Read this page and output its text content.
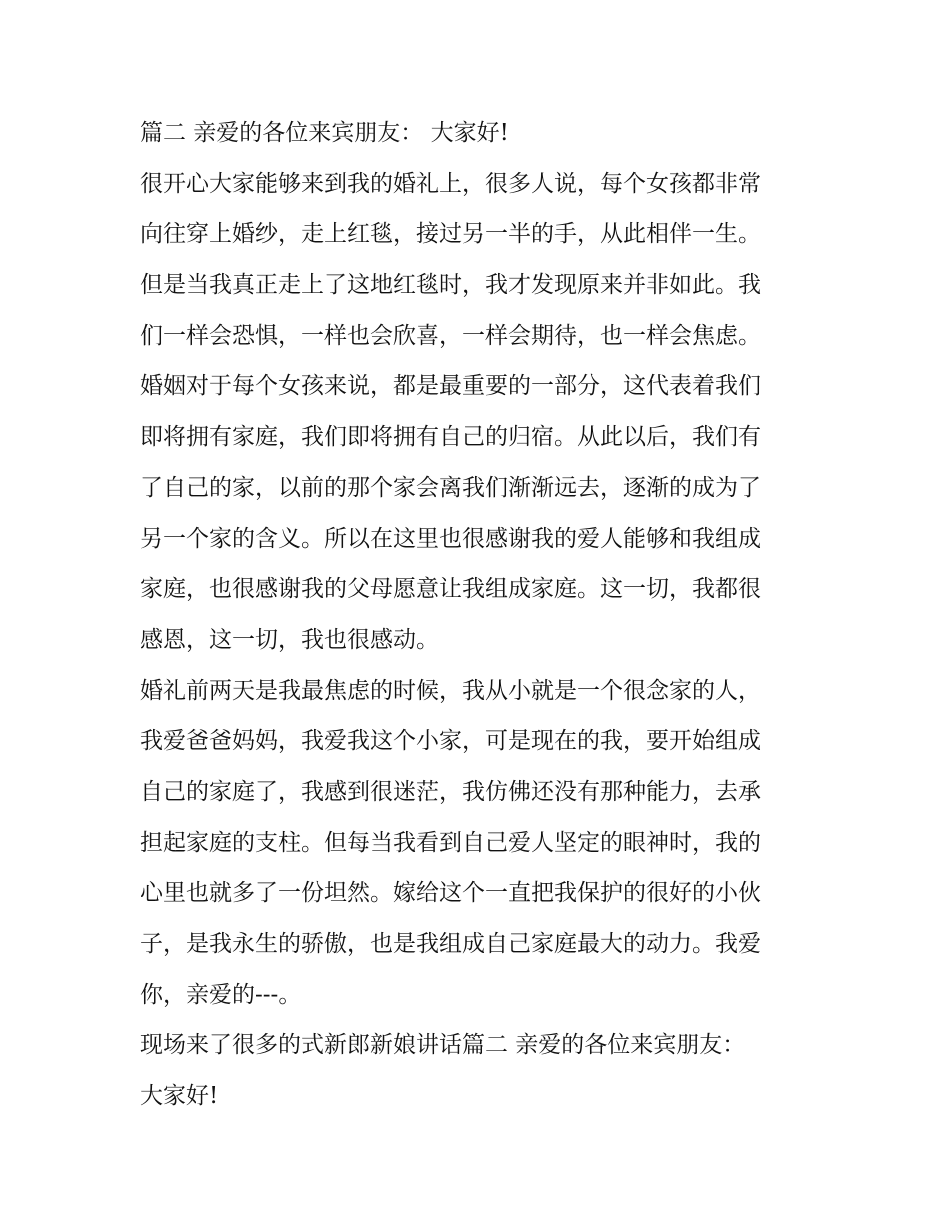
篇二 亲爱的各位来宾朋友： 大家好!
很开心大家能够来到我的婚礼上，很多人说，每个女孩都非常
向往穿上婚纱，走上红毯，接过另一半的手，从此相伴一生。
但是当我真正走上了这地红毯时，我才发现原来并非如此。我
们一样会恐惧，一样也会欣喜，一样会期待，也一样会焦虑。
婚姻对于每个女孩来说，都是最重要的一部分，这代表着我们
即将拥有家庭，我们即将拥有自己的归宿。从此以后，我们有
了自己的家，以前的那个家会离我们渐渐远去，逐渐的成为了
另一个家的含义。所以在这里也很感谢我的爱人能够和我组成
家庭，也很感谢我的父母愿意让我组成家庭。这一切，我都很
感恩，这一切，我也很感动。
婚礼前两天是我最焦虑的时候，我从小就是一个很念家的人，
我爱爸爸妈妈，我爱我这个小家，可是现在的我，要开始组成
自己的家庭了，我感到很迷茫，我仿佛还没有那种能力，去承
担起家庭的支柱。但每当我看到自己爱人坚定的眼神时，我的
心里也就多了一份坦然。嫁给这个一直把我保护的很好的小伙
子，是我永生的骄傲，也是我组成自己家庭最大的动力。我爱
你，亲爱的---。
现场来了很多的式新郎新娘讲话篇二 亲爱的各位来宾朋友：
大家好!
